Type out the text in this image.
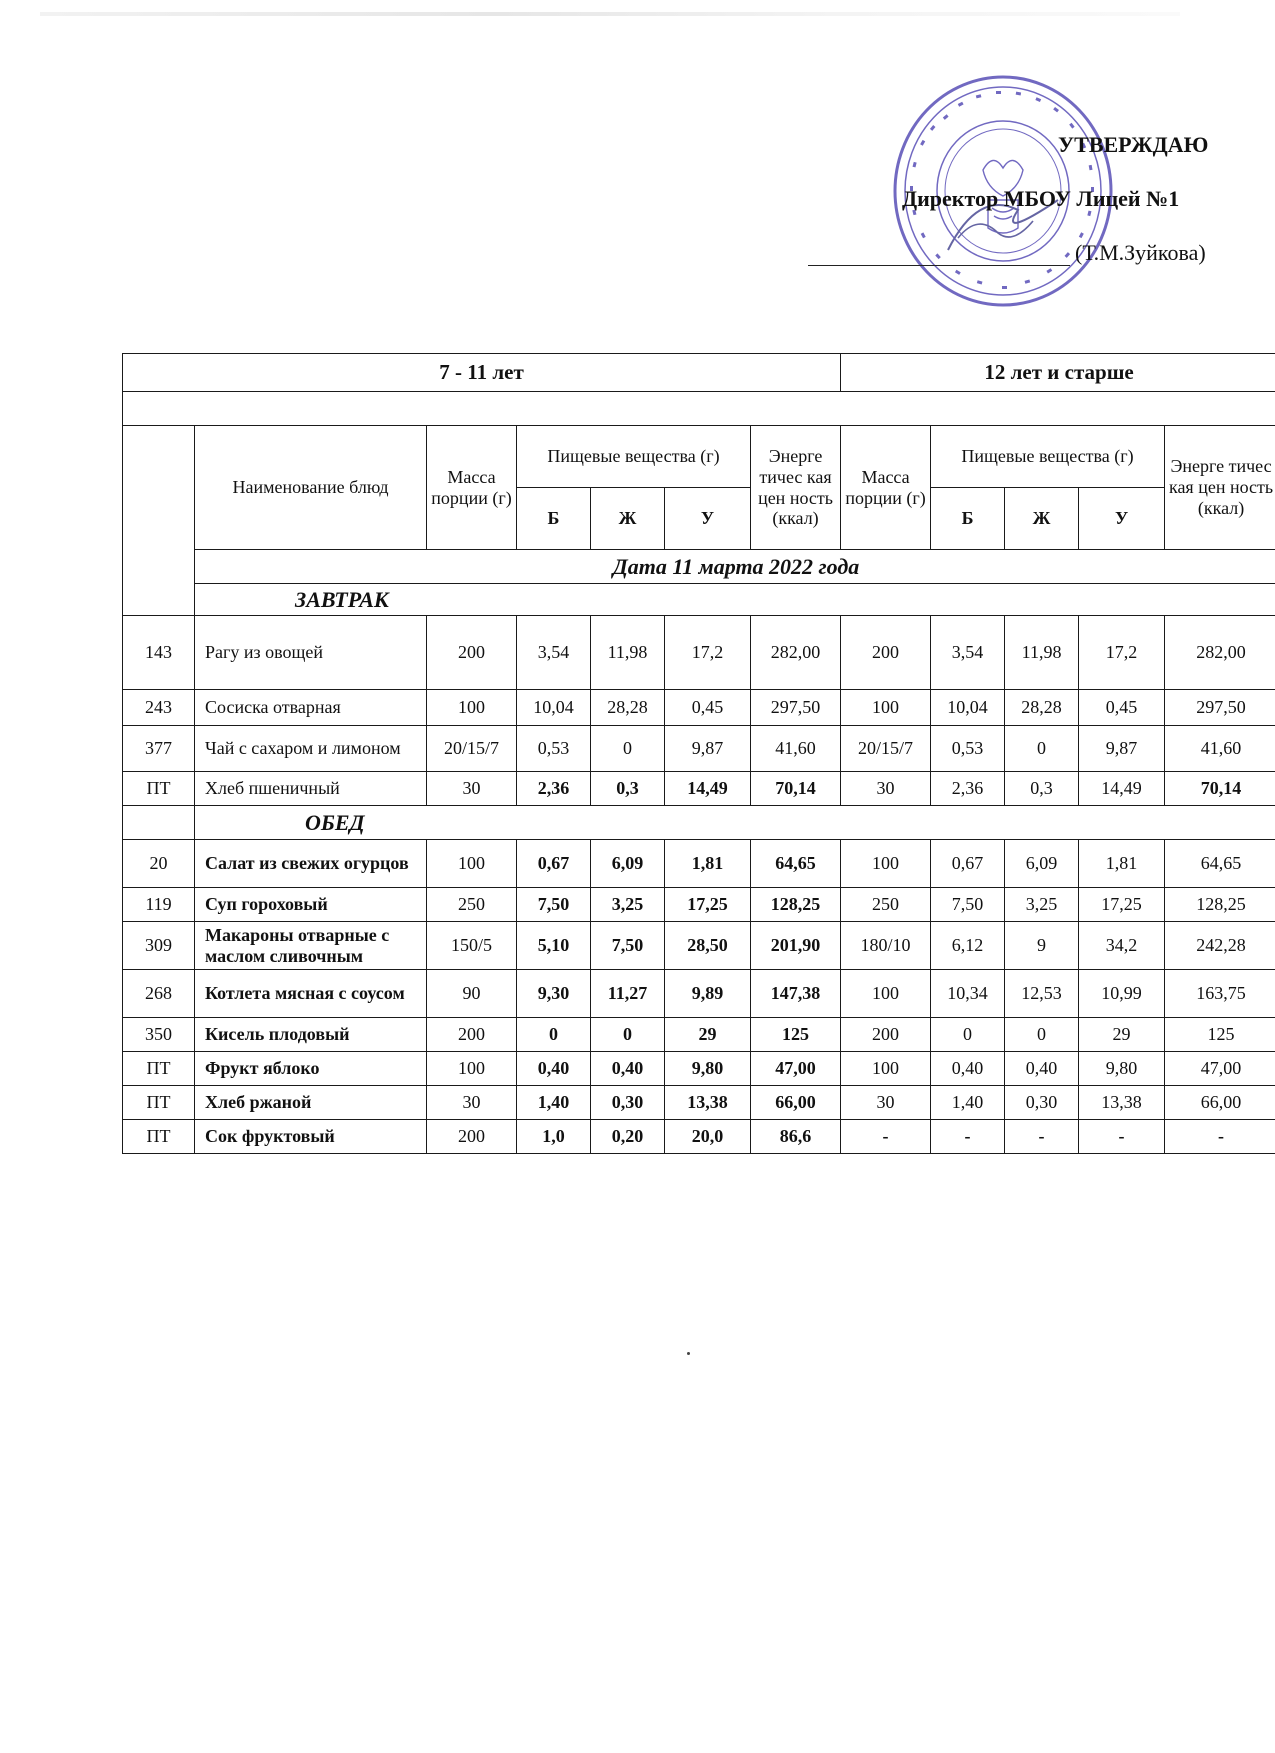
УТВЕРЖДАЮ
Директор МБОУ Лицей №1
(Т.М.Зуйкова)
7 - 11 лет							12 лет и старше				

	Наименование блюд	Масса порции (г)	Пищевые вещества (г)			Энерге тичес кая цен ность (ккал)	Масса порции (г)	Пищевые вещества (г)			Энерге тичес кая цен ность (ккал)
			Б	Ж	У			Б	Ж	У	
	Дата 11 марта 2022 года										
	ЗАВТРАК										
143	Рагу из овощей	200	3,54	11,98	17,2	282,00	200	3,54	11,98	17,2	282,00
243	Сосиска отварная	100	10,04	28,28	0,45	297,50	100	10,04	28,28	0,45	297,50
377	Чай с сахаром и лимоном	20/15/7	0,53	0	9,87	41,60	20/15/7	0,53	0	9,87	41,60
ПТ	Хлеб пшеничный	30	2,36	0,3	14,49	70,14	30	2,36	0,3	14,49	70,14
	ОБЕД										
20	Салат из свежих огурцов	100	0,67	6,09	1,81	64,65	100	0,67	6,09	1,81	64,65
119	Суп гороховый	250	7,50	3,25	17,25	128,25	250	7,50	3,25	17,25	128,25
309	Макароны отварные с маслом сливочным	150/5	5,10	7,50	28,50	201,90	180/10	6,12	9	34,2	242,28
268	Котлета мясная с соусом	90	9,30	11,27	9,89	147,38	100	10,34	12,53	10,99	163,75
350	Кисель плодовый	200	0	0	29	125	200	0	0	29	125
ПТ	Фрукт яблоко	100	0,40	0,40	9,80	47,00	100	0,40	0,40	9,80	47,00
ПТ	Хлеб ржаной	30	1,40	0,30	13,38	66,00	30	1,40	0,30	13,38	66,00
ПТ	Сок фруктовый	200	1,0	0,20	20,0	86,6	-	-	-	-	-
